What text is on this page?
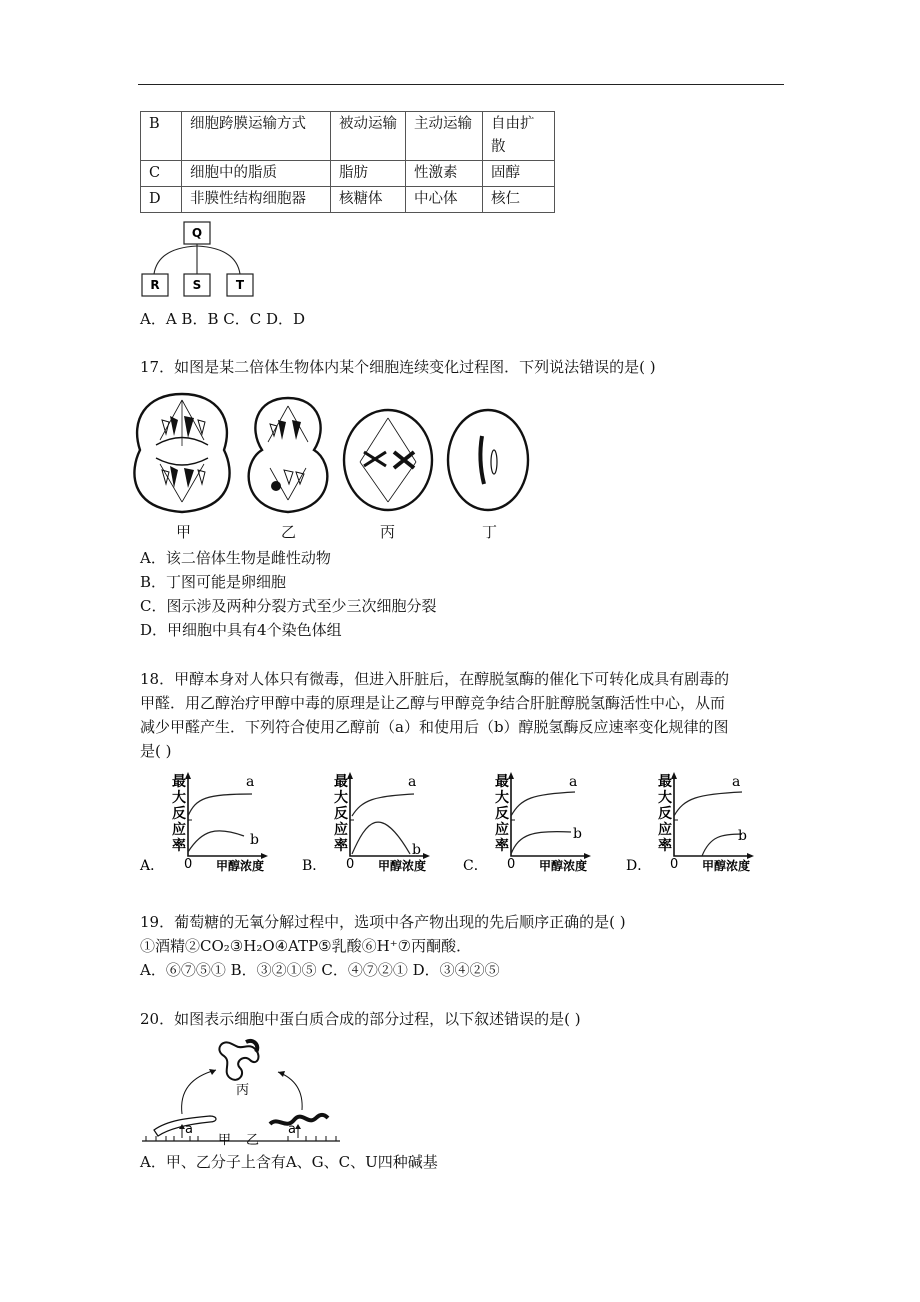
B	细胞跨膜运输方式	被动运输	主动运输	自由扩散
C	细胞中的脂质	脂肪	性激素	固醇
D	非膜性结构细胞器	核糖体	中心体	核仁
Q
R	S	T
A．A B．B C．C D．D
17．如图是某二倍体生物体内某个细胞连续变化过程图．下列说法错误的是( )
甲	乙	丙	丁
A．该二倍体生物是雌性动物
B．丁图可能是卵细胞
C．图示涉及两种分裂方式至少三次细胞分裂
D．甲细胞中具有4个染色体组
18．甲醇本身对人体只有微毒，但进入肝脏后，在醇脱氢酶的催化下可转化成具有剧毒的
甲醛．用乙醇治疗甲醇中毒的原理是让乙醇与甲醇竞争结合肝脏醇脱氢酶活性中心，从而
减少甲醛产生．下列符合使用乙醇前（a）和使用后（b）醇脱氢酶反应速率变化规律的图
是( )
A．
最
大
反
应
率
0 甲醇浓度
a
b
B．
最
大
反
应
率
0 甲醇浓度
a
b
C．
最
大
反
应
率
0 甲醇浓度
a
b
D．
最
大
反
应
率
0 甲醇浓度
a
b
19．葡萄糖的无氧分解过程中，选项中各产物出现的先后顺序正确的是( )
①酒精②CO₂③H₂O④ATP⑤乳酸⑥H⁺⑦丙酮酸．
A．⑥⑦⑤① B．③②①⑤ C．④⑦②① D．③④②⑤
20．如图表示细胞中蛋白质合成的部分过程，以下叙述错误的是( )
丙
a	a
甲 乙
A．甲、乙分子上含有A、G、C、U四种碱基
